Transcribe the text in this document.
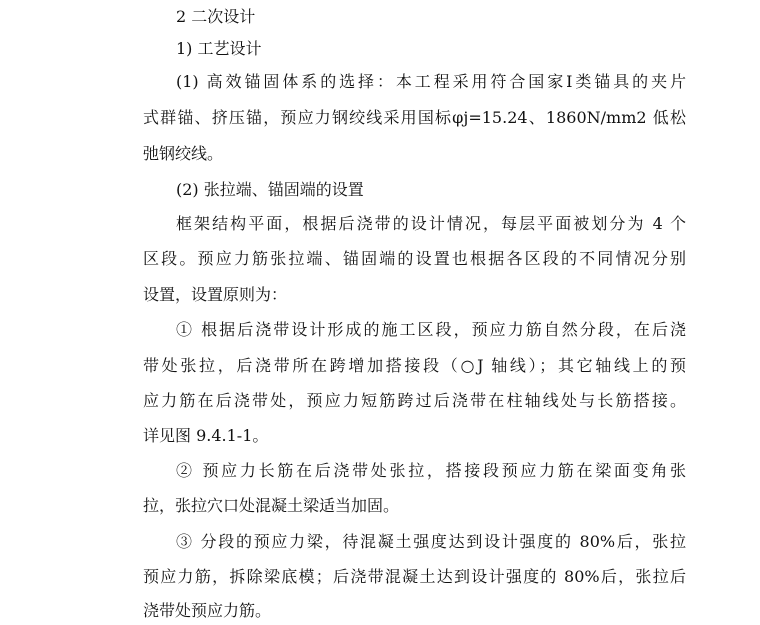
2 二次设计
1) 工艺设计
(1) 高效锚固体系的选择：本工程采用符合国家Ⅰ类锚具的夹片
式群锚、挤压锚，预应力钢绞线采用国标φj=15.24、1860N/mm2 低松
弛钢绞线。
(2) 张拉端、锚固端的设置
框架结构平面，根据后浇带的设计情况，每层平面被划分为 4 个
区段。预应力筋张拉端、锚固端的设置也根据各区段的不同情况分别
设置，设置原则为：
① 根据后浇带设计形成的施工区段，预应力筋自然分段，在后浇
带处张拉，后浇带所在跨增加搭接段（○J 轴线）；其它轴线上的预
应力筋在后浇带处，预应力短筋跨过后浇带在柱轴线处与长筋搭接。
详见图 9.4.1-1。
② 预应力长筋在后浇带处张拉，搭接段预应力筋在梁面变角张
拉，张拉穴口处混凝土梁适当加固。
③ 分段的预应力梁，待混凝土强度达到设计强度的 80%后，张拉
预应力筋，拆除梁底模；后浇带混凝土达到设计强度的 80%后，张拉后
浇带处预应力筋。
